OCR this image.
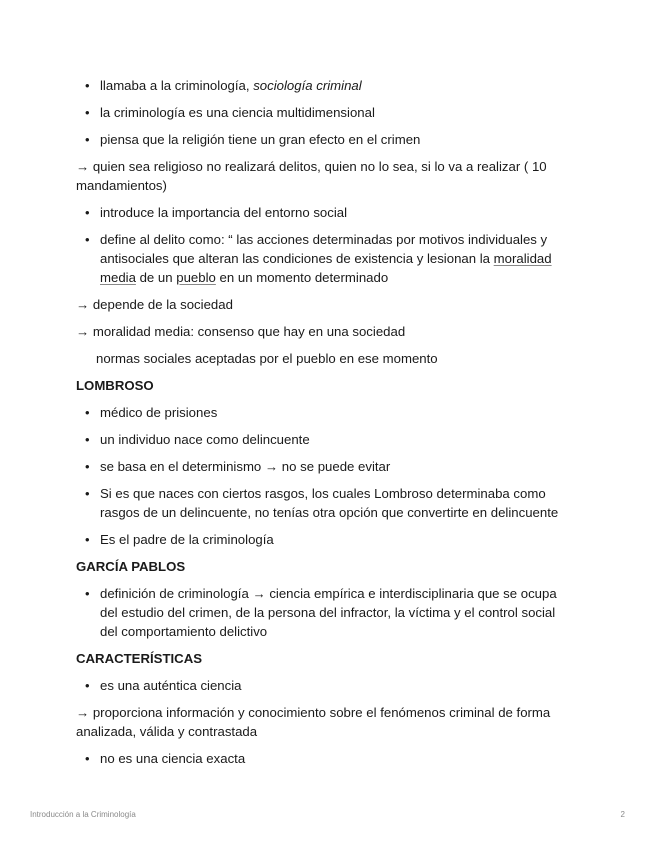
• llamaba a la criminología, sociología criminal
• la criminología es una ciencia multidimensional
• piensa que la religión tiene un gran efecto en el crimen

→ quien sea religioso no realizará delitos, quien no lo sea, si lo va a realizar ( 10 mandamientos)

• introduce la importancia del entorno social
• define al delito como: “ las acciones determinadas por motivos individuales y antisociales que alteran las condiciones de existencia y lesionan la moralidad media de un pueblo en un momento determinado

→ depende de la sociedad

→ moralidad media: consenso que hay en una sociedad

normas sociales aceptadas por el pueblo en ese momento

LOMBROSO

• médico de prisiones
• un individuo nace como delincuente
• se basa en el determinismo → no se puede evitar
• Si es que naces con ciertos rasgos, los cuales Lombroso determinaba como rasgos de un delincuente, no tenías otra opción que convertirte en delincuente
• Es el padre de la criminología

GARCÍA PABLOS

• definición de criminología → ciencia empírica e interdisciplinaria que se ocupa del estudio del crimen, de la persona del infractor, la víctima y el control social del comportamiento delictivo

CARACTERÍSTICAS

• es una auténtica ciencia

→ proporciona información y conocimiento sobre el fenómenos criminal de forma analizada, válida y contrastada

• no es una ciencia exacta
Introducción a la Criminología	2
